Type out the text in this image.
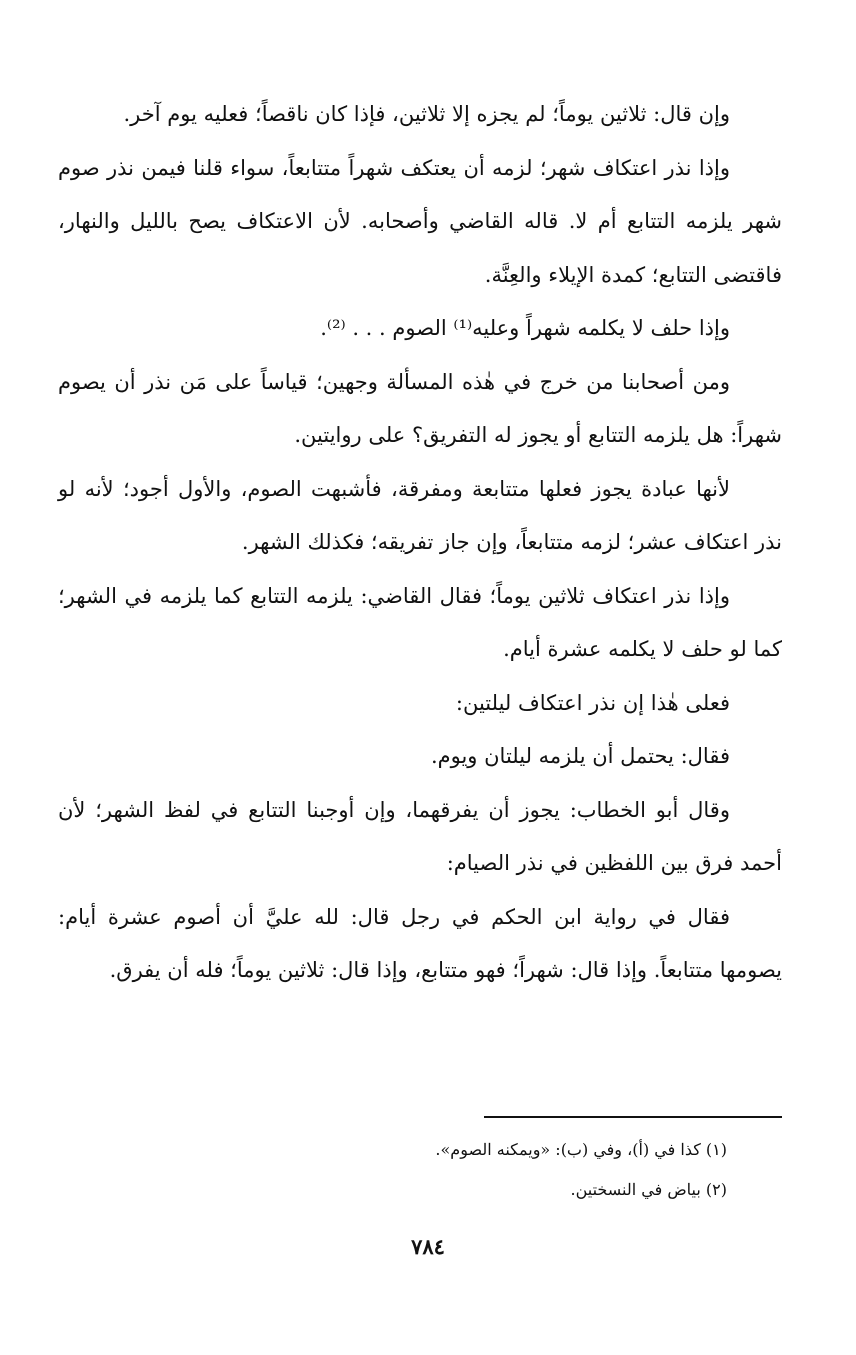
وإن قال: ثلاثين يوماً؛ لم يجزه إلا ثلاثين، فإذا كان ناقصاً؛ فعليه يوم آخر.

وإذا نذر اعتكاف شهر؛ لزمه أن يعتكف شهراً متتابعاً، سواء قلنا فيمن نذر صوم شهر يلزمه التتابع أم لا. قاله القاضي وأصحابه. لأن الاعتكاف يصح بالليل والنهار، فاقتضى التتابع؛ كمدة الإيلاء والعِنَّة.

وإذا حلف لا يكلمه شهراً وعليه⁽¹⁾ الصوم . . . ⁽²⁾.

ومن أصحابنا من خرج في هٰذه المسألة وجهين؛ قياساً على مَن نذر أن يصوم شهراً: هل يلزمه التتابع أو يجوز له التفريق؟ على روايتين.

لأنها عبادة يجوز فعلها متتابعة ومفرقة، فأشبهت الصوم، والأول أجود؛ لأنه لو نذر اعتكاف عشر؛ لزمه متتابعاً، وإن جاز تفريقه؛ فكذلك الشهر.

وإذا نذر اعتكاف ثلاثين يوماً؛ فقال القاضي: يلزمه التتابع كما يلزمه في الشهر؛ كما لو حلف لا يكلمه عشرة أيام.

فعلى هٰذا إن نذر اعتكاف ليلتين:

فقال: يحتمل أن يلزمه ليلتان ويوم.

وقال أبو الخطاب: يجوز أن يفرقهما، وإن أوجبنا التتابع في لفظ الشهر؛ لأن أحمد فرق بين اللفظين في نذر الصيام:

فقال في رواية ابن الحكم في رجل قال: لله عليَّ أن أصوم عشرة أيام: يصومها متتابعاً. وإذا قال: شهراً؛ فهو متتابع، وإذا قال: ثلاثين يوماً؛ فله أن يفرق.

(١) كذا في (أ)، وفي (ب): «ويمكنه الصوم».

(٢) بياض في النسختين.

٧٨٤
